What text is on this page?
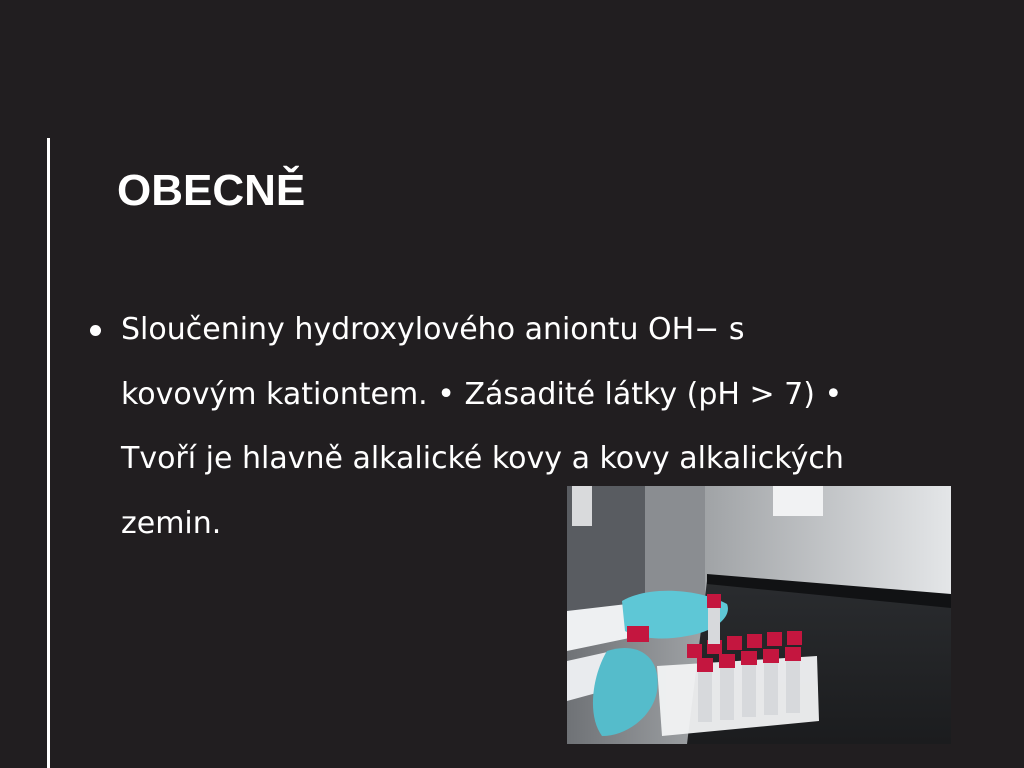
OBECNĚ
Sloučeniny hydroxylového aniontu OH− s kovovým kationtem. • Zásadité látky (pH > 7) • Tvoří je hlavně alkalické kovy a kovy alkalických zemin.
